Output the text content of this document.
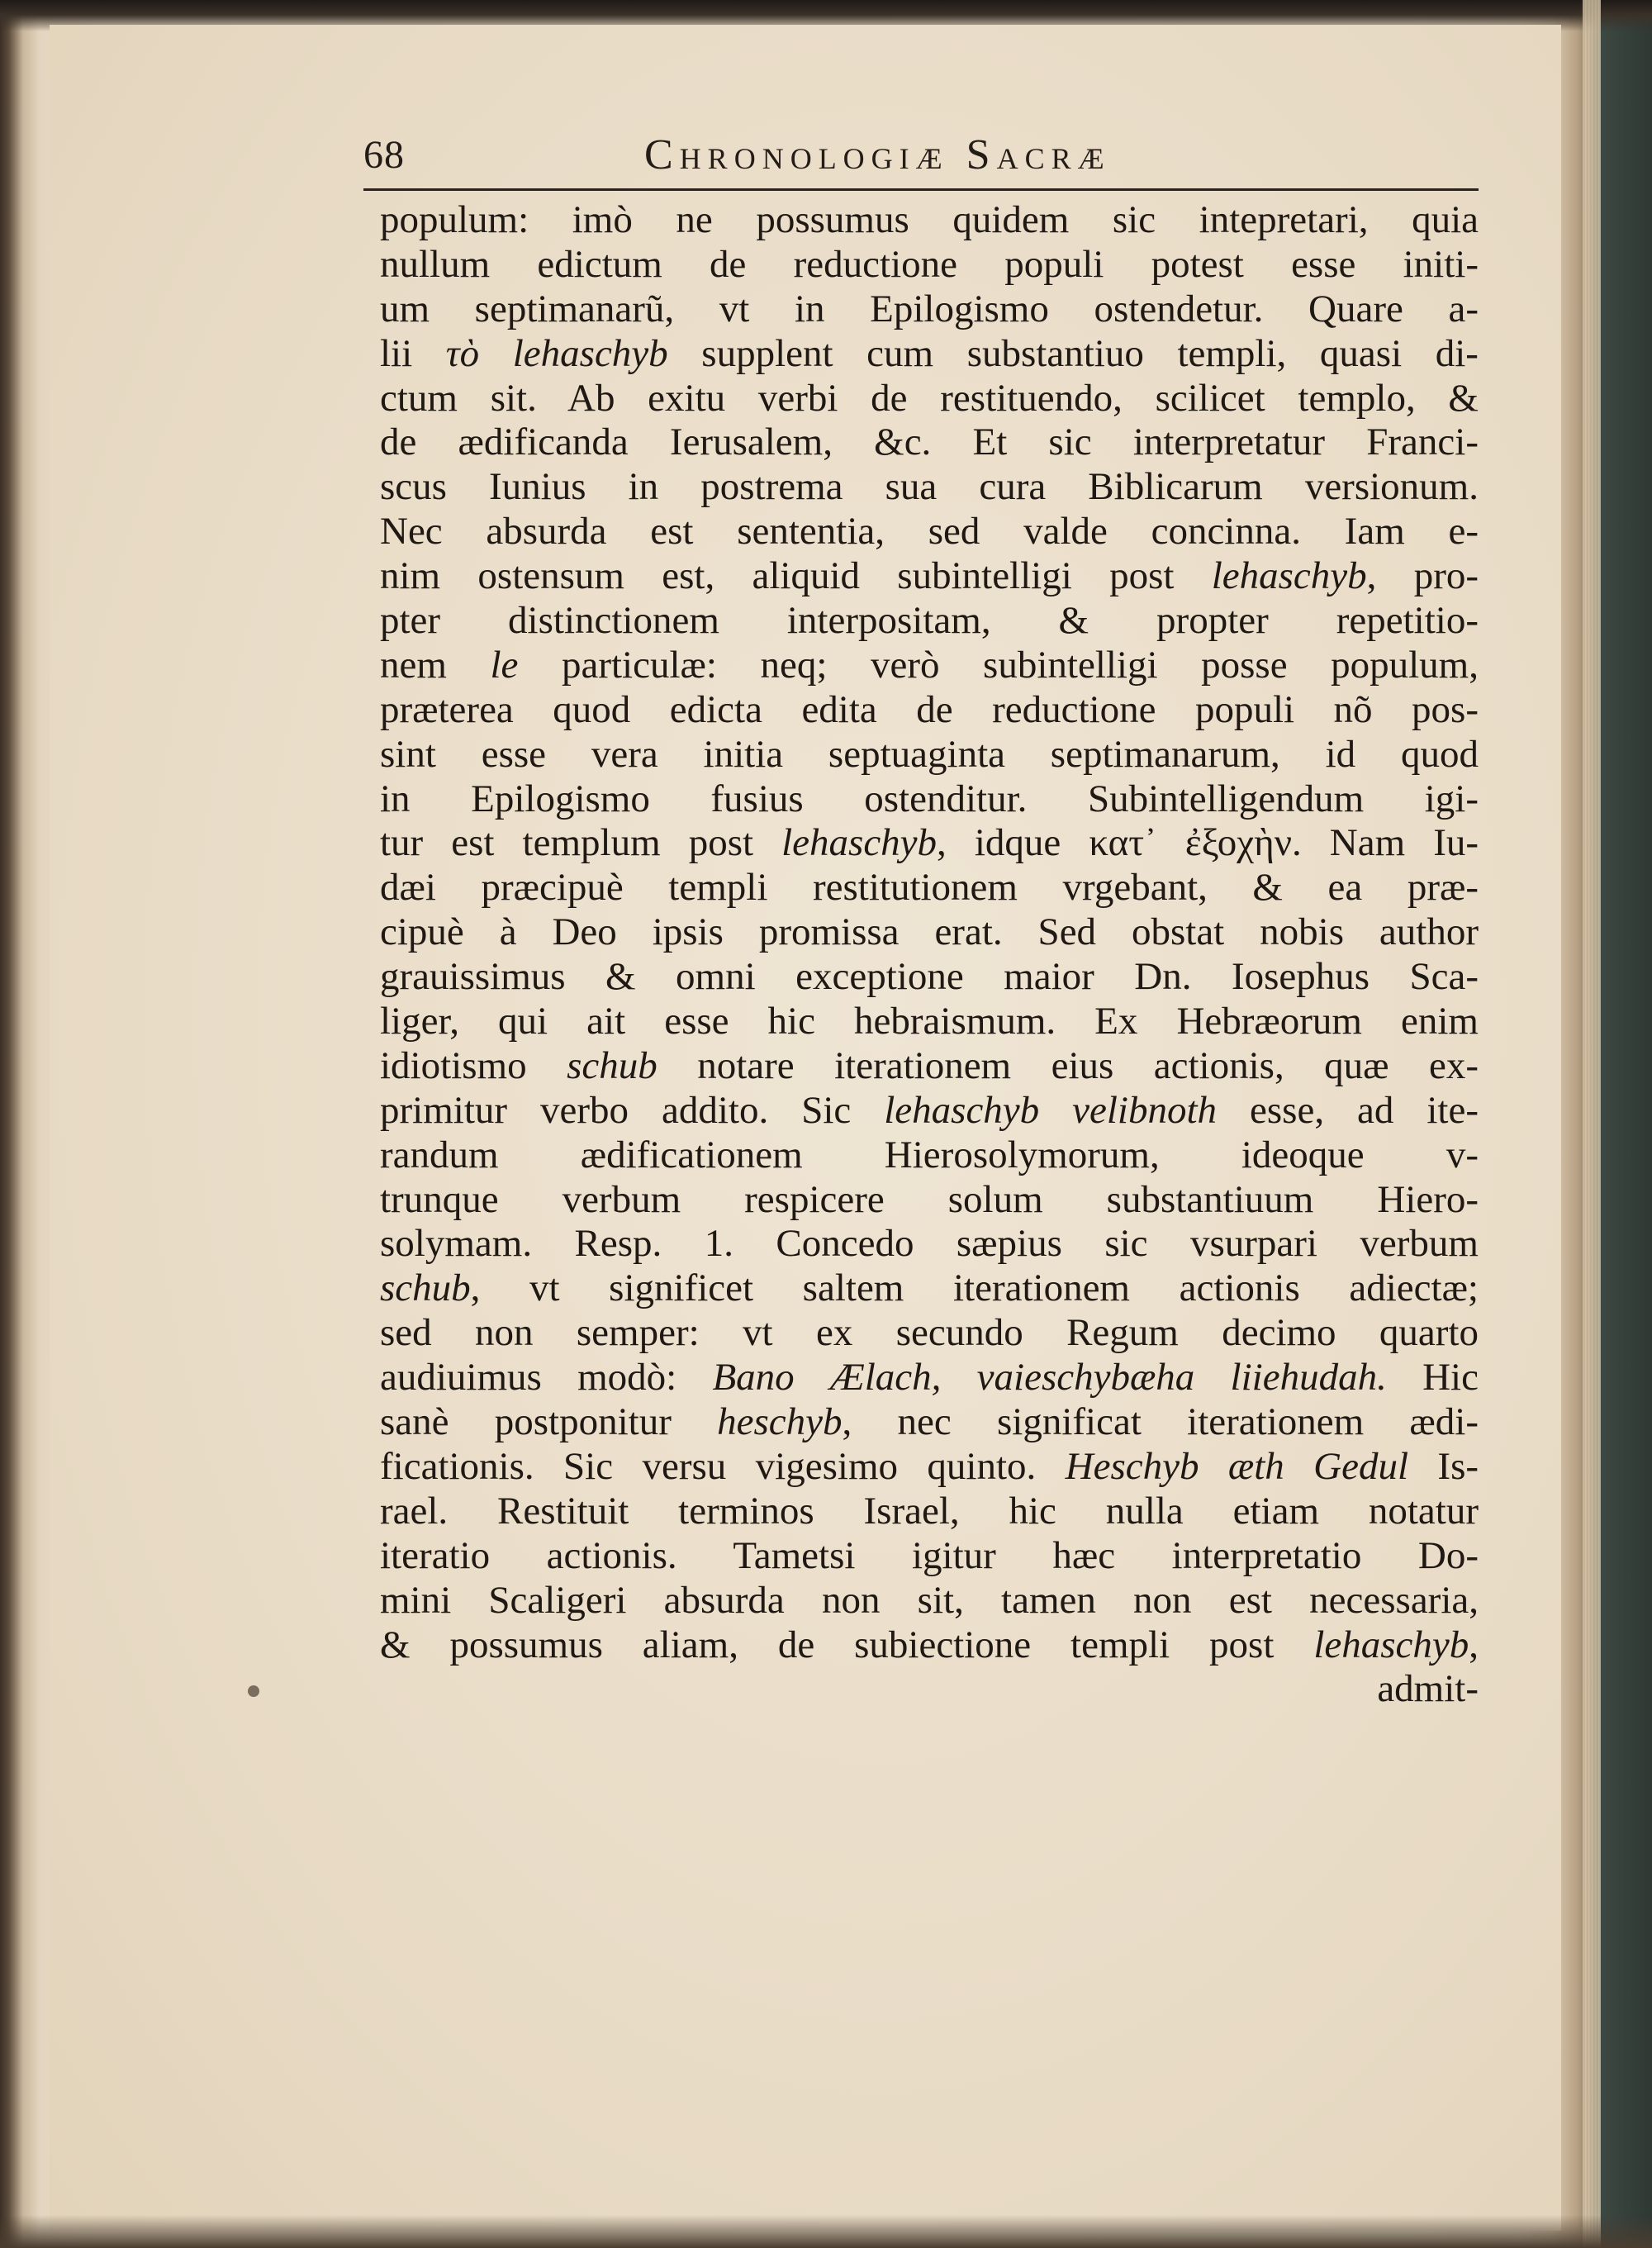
68	Chronologiæ Sacræ
populum: imò ne possumus quidem sic intepretari, quia
nullum edictum de reductione populi potest esse initi-
um septimanarũ, vt in Epilogismo ostendetur. Quare a-
lii τὸ lehaschyb supplent cum substantiuo templi, quasi di-
ctum sit. Ab exitu verbi de restituendo, scilicet templo, &
de ædificanda Ierusalem, &c. Et sic interpretatur Franci-
scus Iunius in postrema sua cura Biblicarum versionum.
Nec absurda est sententia, sed valde concinna. Iam e-
nim ostensum est, aliquid subintelligi post lehaschyb, pro-
pter distinctionem interpositam, & propter repetitio-
nem le particulæ: neq; verò subintelligi posse populum,
præterea quod edicta edita de reductione populi nõ pos-
sint esse vera initia septuaginta septimanarum, id quod
in Epilogismo fusius ostenditur. Subintelligendum igi-
tur est templum post lehaschyb, idque κατ᾽ ἐξοχὴν. Nam Iu-
dæi præcipuè templi restitutionem vrgebant, & ea præ-
cipuè à Deo ipsis promissa erat. Sed obstat nobis author
grauissimus & omni exceptione maior Dn. Iosephus Sca-
liger, qui ait esse hic hebraismum. Ex Hebræorum enim
idiotismo schub notare iterationem eius actionis, quæ ex-
primitur verbo addito. Sic lehaschyb velibnoth esse, ad ite-
randum ædificationem Hierosolymorum, ideoque v-
trunque verbum respicere solum substantiuum Hiero-
solymam. Resp. 1. Concedo sæpius sic vsurpari verbum
schub, vt significet saltem iterationem actionis adiectæ;
sed non semper: vt ex secundo Regum decimo quarto
audiuimus modò: Bano Ælach, vaieschybæha liiehudah. Hic
sanè postponitur heschyb, nec significat iterationem ædi-
ficationis. Sic versu vigesimo quinto. Heschyb æth Gedul Is-
rael. Restituit terminos Israel, hic nulla etiam notatur
iteratio actionis. Tametsi igitur hæc interpretatio Do-
mini Scaligeri absurda non sit, tamen non est necessaria,
& possumus aliam, de subiectione templi post lehaschyb,
admit-
